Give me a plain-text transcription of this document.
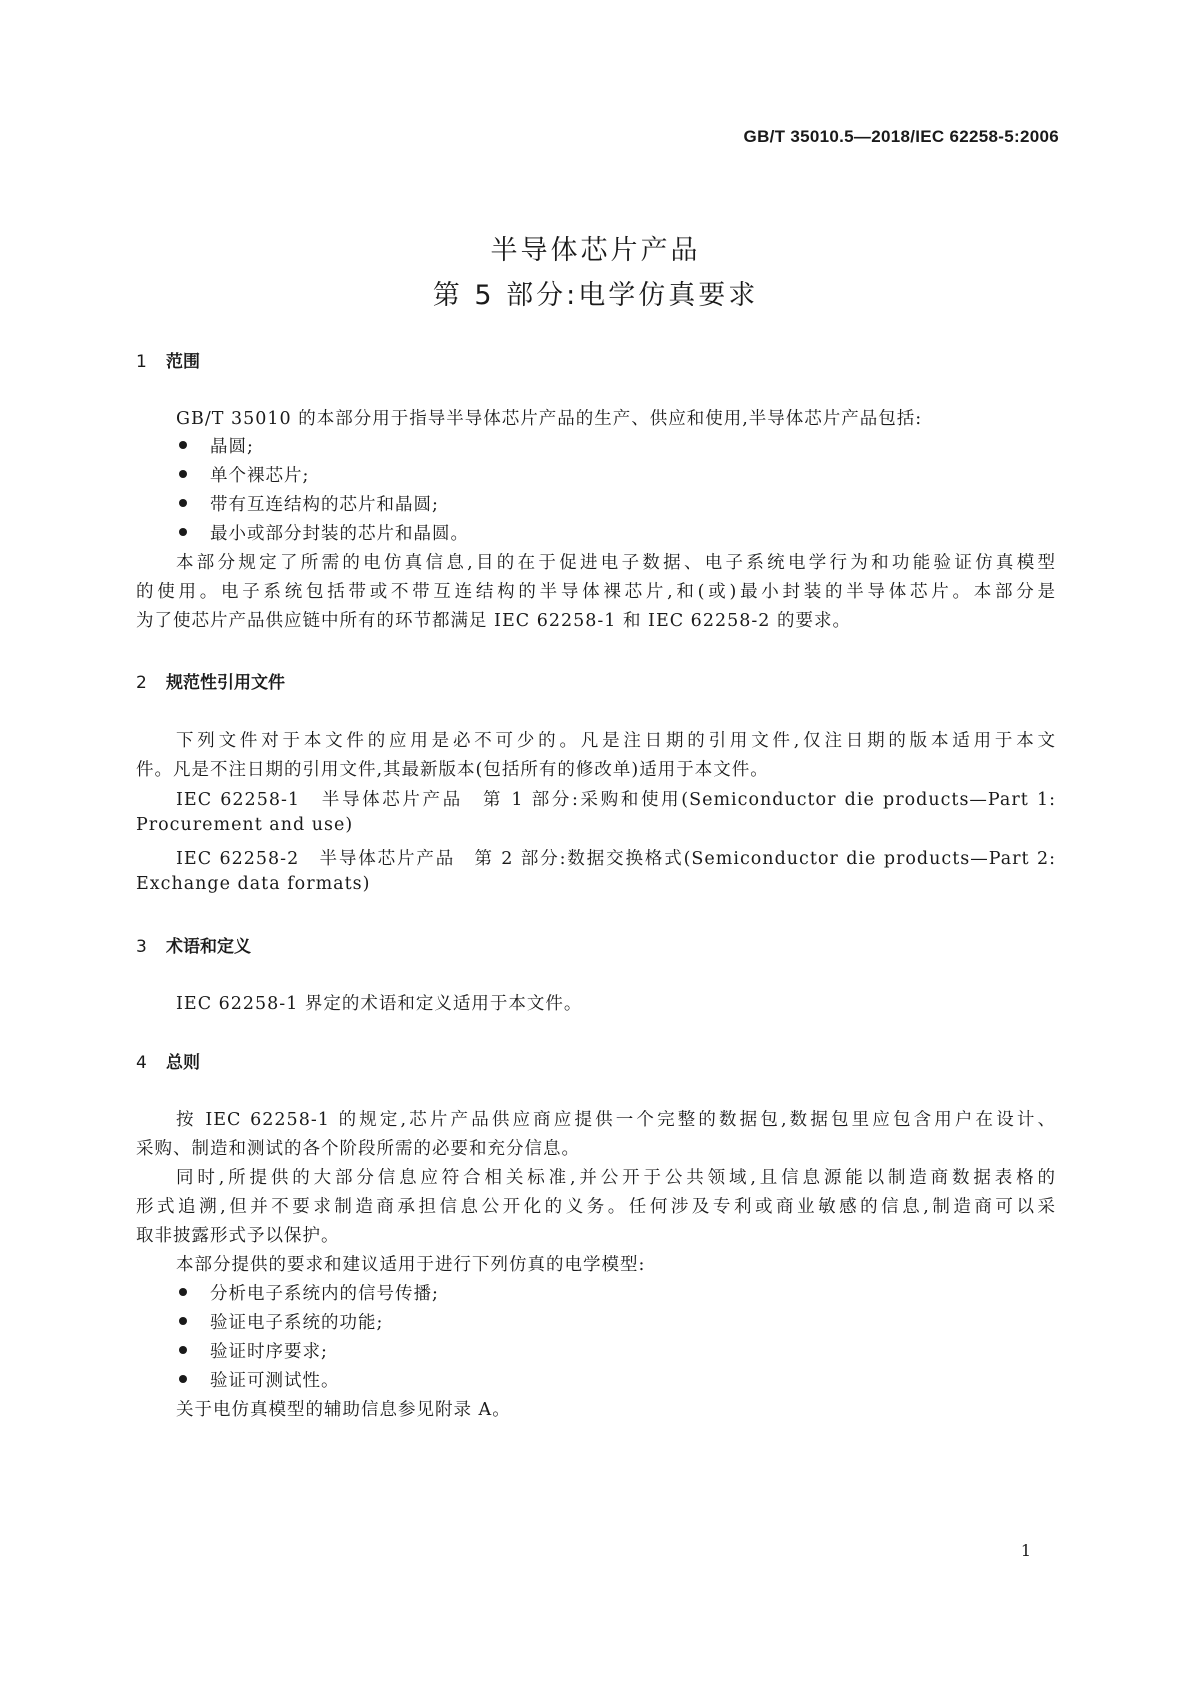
GB/T 35010.5—2018/IEC 62258-5:2006
半导体芯片产品
第 5 部分:电学仿真要求
1 范围
GB/T 35010 的本部分用于指导半导体芯片产品的生产、供应和使用,半导体芯片产品包括:
晶圆;
单个裸芯片;
带有互连结构的芯片和晶圆;
最小或部分封装的芯片和晶圆。
本部分规定了所需的电仿真信息,目的在于促进电子数据、电子系统电学行为和功能验证仿真模型
的使用。电子系统包括带或不带互连结构的半导体裸芯片,和(或)最小封装的半导体芯片。本部分是
为了使芯片产品供应链中所有的环节都满足 IEC 62258-1 和 IEC 62258-2 的要求。
2 规范性引用文件
下列文件对于本文件的应用是必不可少的。凡是注日期的引用文件,仅注日期的版本适用于本文
件。凡是不注日期的引用文件,其最新版本(包括所有的修改单)适用于本文件。
IEC 62258-1　半导体芯片产品　第 1 部分:采购和使用(Semiconductor die products—Part 1:
Procurement and use)
IEC 62258-2　半导体芯片产品　第 2 部分:数据交换格式(Semiconductor die products—Part 2:
Exchange data formats)
3 术语和定义
IEC 62258-1 界定的术语和定义适用于本文件。
4 总则
按 IEC 62258-1 的规定,芯片产品供应商应提供一个完整的数据包,数据包里应包含用户在设计、
采购、制造和测试的各个阶段所需的必要和充分信息。
同时,所提供的大部分信息应符合相关标准,并公开于公共领域,且信息源能以制造商数据表格的
形式追溯,但并不要求制造商承担信息公开化的义务。任何涉及专利或商业敏感的信息,制造商可以采
取非披露形式予以保护。
本部分提供的要求和建议适用于进行下列仿真的电学模型:
分析电子系统内的信号传播;
验证电子系统的功能;
验证时序要求;
验证可测试性。
关于电仿真模型的辅助信息参见附录 A。
1
